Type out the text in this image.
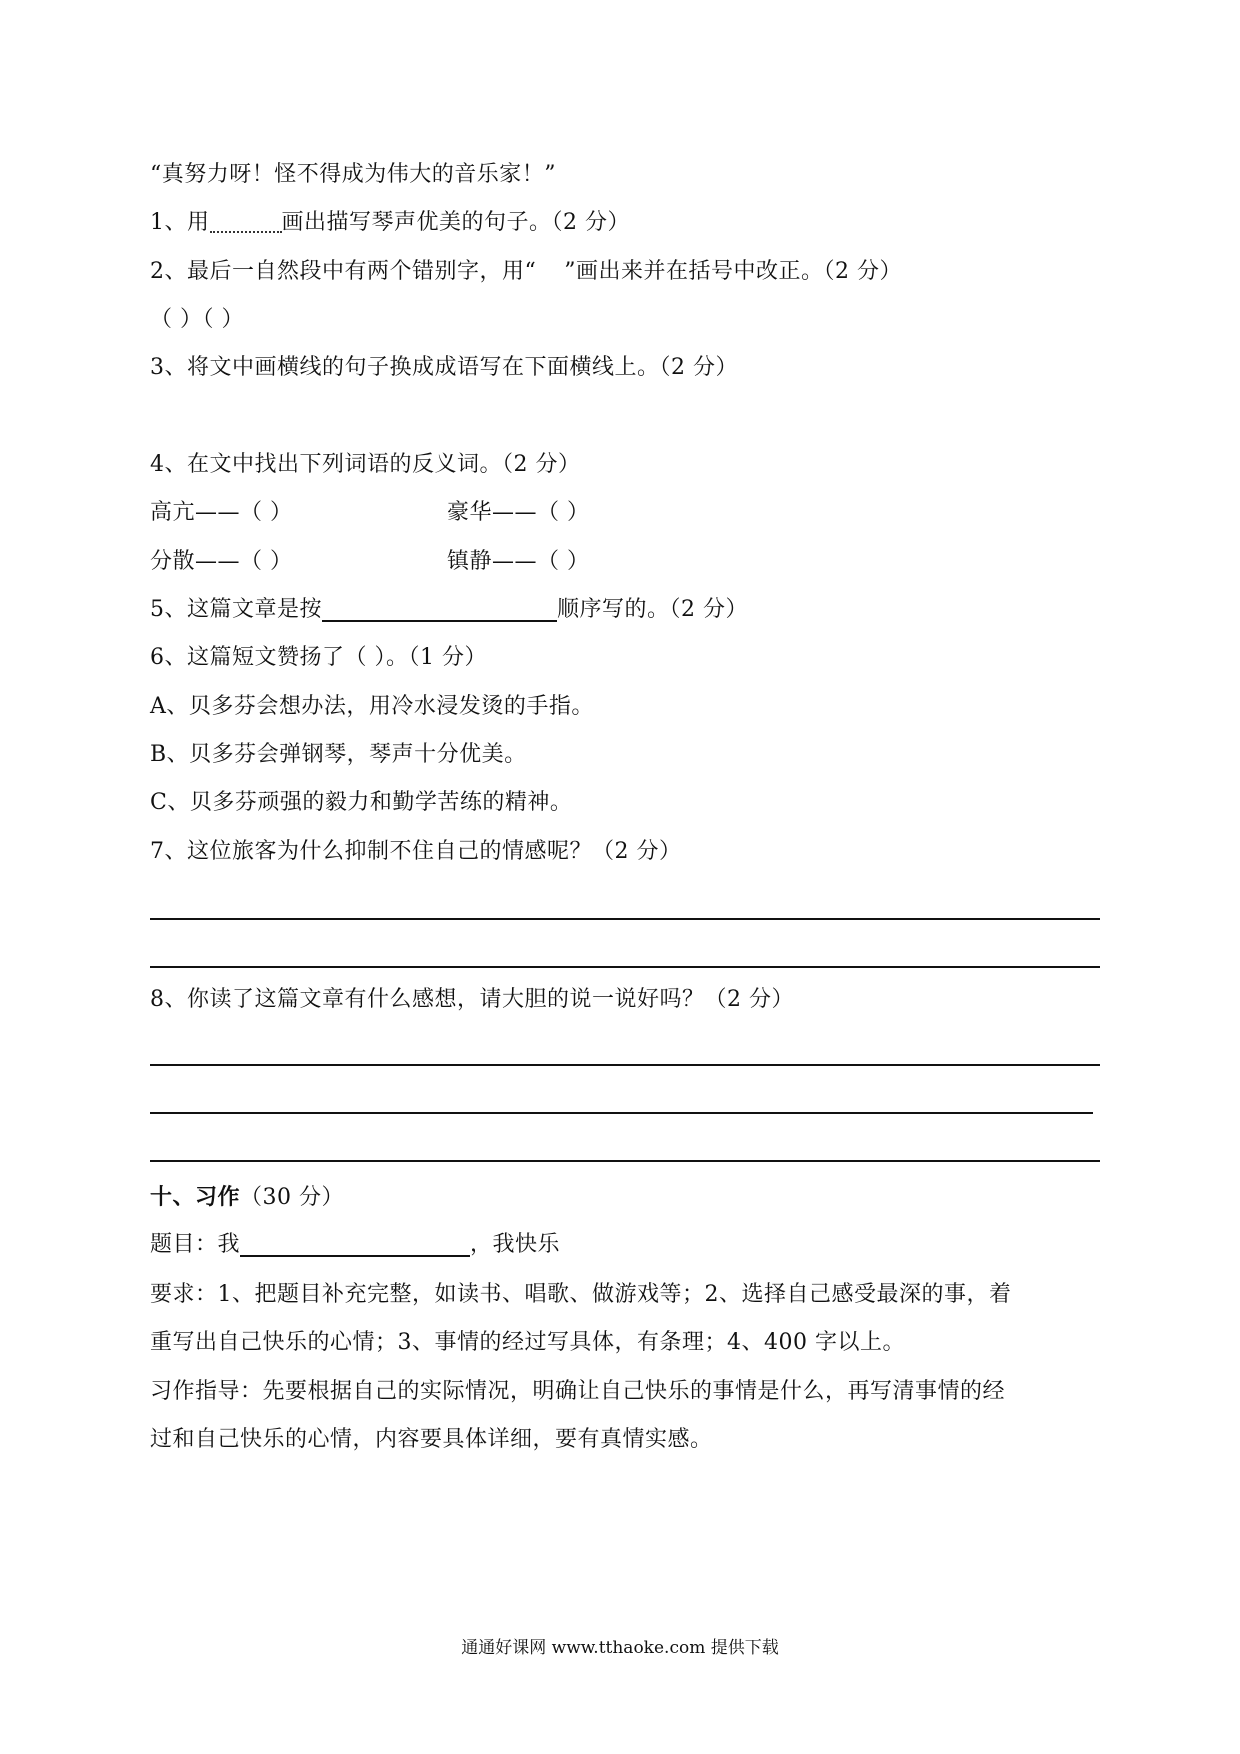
“真努力呀！怪不得成为伟大的音乐家！”
1、用	画出描写琴声优美的句子。（2 分）
2、最后一自然段中有两个错别字，用“ ”画出来并在括号中改正。（2 分）
（ ）（ ）
3、将文中画横线的句子换成成语写在下面横线上。（2 分）
4、在文中找出下列词语的反义词。（2 分）
高亢——（ ）	豪华——（ ）
分散——（ ）	镇静——（ ）
5、这篇文章是按	顺序写的。（2 分）
6、这篇短文赞扬了（ ）。（1 分）
A、贝多芬会想办法，用冷水浸发烫的手指。
B、贝多芬会弹钢琴，琴声十分优美。
C、贝多芬顽强的毅力和勤学苦练的精神。
7、这位旅客为什么抑制不住自己的情感呢？（2 分）
8、你读了这篇文章有什么感想，请大胆的说一说好吗？（2 分）
十、习作（30 分）
题目：我	，我快乐
要求：1、把题目补充完整，如读书、唱歌、做游戏等；2、选择自己感受最深的事，着
重写出自己快乐的心情；3、事情的经过写具体，有条理；4、400 字以上。
习作指导：先要根据自己的实际情况，明确让自己快乐的事情是什么，再写清事情的经
过和自己快乐的心情，内容要具体详细，要有真情实感。
通通好课网 www.tthaoke.com 提供下载
